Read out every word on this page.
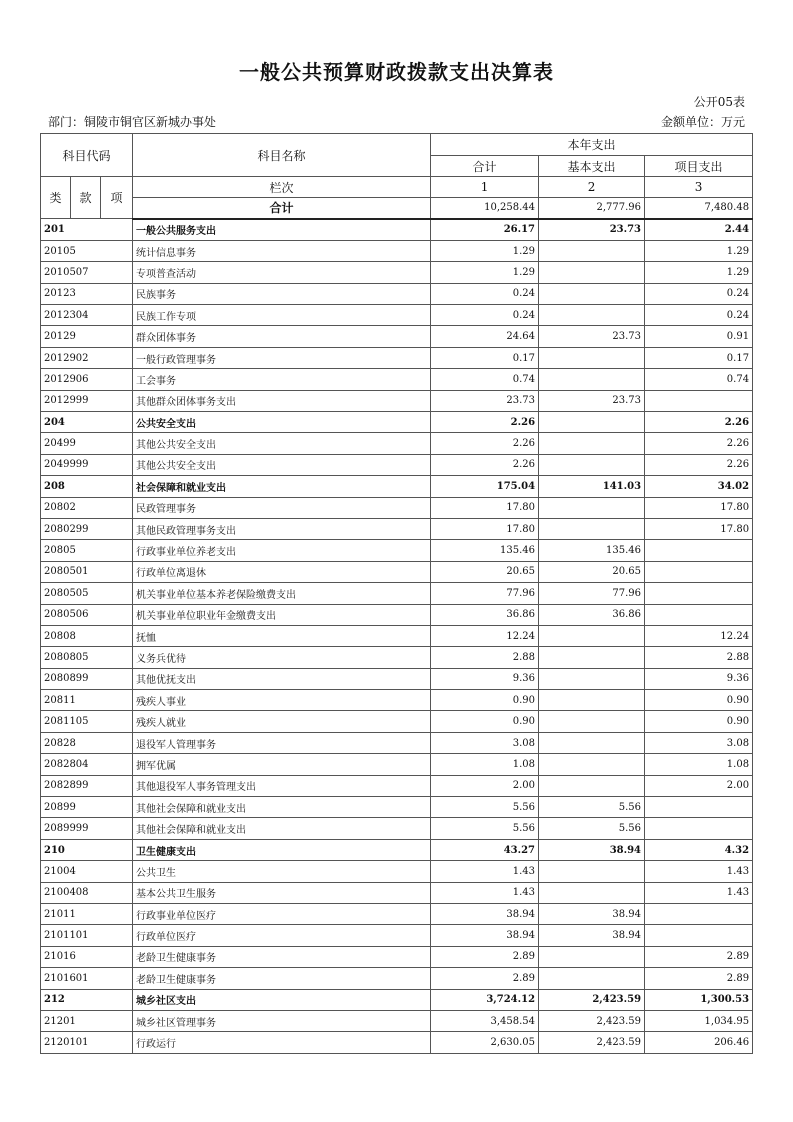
一般公共预算财政拨款支出决算表
公开05表
部门：铜陵市铜官区新城办事处	金额单位：万元
科目代码			科目名称	本年支出		
				合计	基本支出	项目支出
类	款	项	栏次	1	2	3
			合计	10,258.44	2,777.96	7,480.48
201			一般公共服务支出	26.17	23.73	2.44
20105			统计信息事务	1.29		1.29
2010507			专项普查活动	1.29		1.29
20123			民族事务	0.24		0.24
2012304			民族工作专项	0.24		0.24
20129			群众团体事务	24.64	23.73	0.91
2012902			一般行政管理事务	0.17		0.17
2012906			工会事务	0.74		0.74
2012999			其他群众团体事务支出	23.73	23.73	
204			公共安全支出	2.26		2.26
20499			其他公共安全支出	2.26		2.26
2049999			其他公共安全支出	2.26		2.26
208			社会保障和就业支出	175.04	141.03	34.02
20802			民政管理事务	17.80		17.80
2080299			其他民政管理事务支出	17.80		17.80
20805			行政事业单位养老支出	135.46	135.46	
2080501			行政单位离退休	20.65	20.65	
2080505			机关事业单位基本养老保险缴费支出	77.96	77.96	
2080506			机关事业单位职业年金缴费支出	36.86	36.86	
20808			抚恤	12.24		12.24
2080805			义务兵优待	2.88		2.88
2080899			其他优抚支出	9.36		9.36
20811			残疾人事业	0.90		0.90
2081105			残疾人就业	0.90		0.90
20828			退役军人管理事务	3.08		3.08
2082804			拥军优属	1.08		1.08
2082899			其他退役军人事务管理支出	2.00		2.00
20899			其他社会保障和就业支出	5.56	5.56	
2089999			其他社会保障和就业支出	5.56	5.56	
210			卫生健康支出	43.27	38.94	4.32
21004			公共卫生	1.43		1.43
2100408			基本公共卫生服务	1.43		1.43
21011			行政事业单位医疗	38.94	38.94	
2101101			行政单位医疗	38.94	38.94	
21016			老龄卫生健康事务	2.89		2.89
2101601			老龄卫生健康事务	2.89		2.89
212			城乡社区支出	3,724.12	2,423.59	1,300.53
21201			城乡社区管理事务	3,458.54	2,423.59	1,034.95
2120101			行政运行	2,630.05	2,423.59	206.46
